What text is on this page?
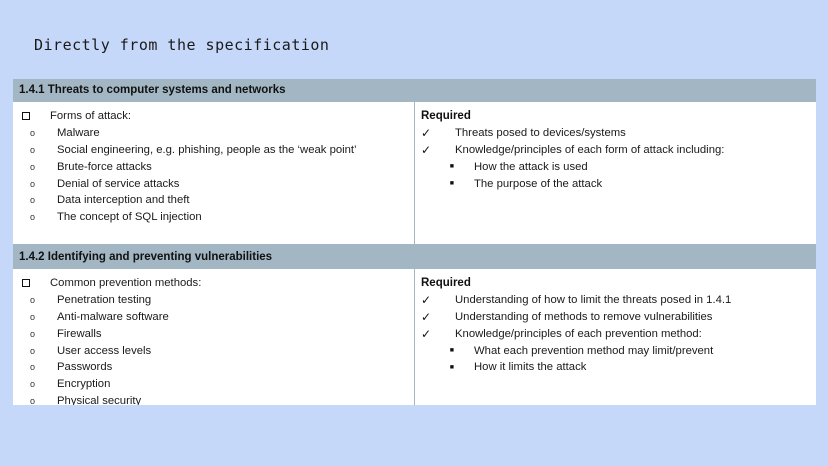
Directly from the specification
1.4.1 Threats to computer systems and networks
Forms of attack:
o	Malware
o	Social engineering, e.g. phishing, people as the ‘weak point’
o	Brute-force attacks
o	Denial of service attacks
o	Data interception and theft
o	The concept of SQL injection
Required
✓	Threats posed to devices/systems
✓	Knowledge/principles of each form of attack including:
■	How the attack is used
■	The purpose of the attack
1.4.2 Identifying and preventing vulnerabilities
Common prevention methods:
o	Penetration testing
o	Anti-malware software
o	Firewalls
o	User access levels
o	Passwords
o	Encryption
o	Physical security
Required
✓	Understanding of how to limit the threats posed in 1.4.1
✓	Understanding of methods to remove vulnerabilities
✓	Knowledge/principles of each prevention method:
■	What each prevention method may limit/prevent
■	How it limits the attack
